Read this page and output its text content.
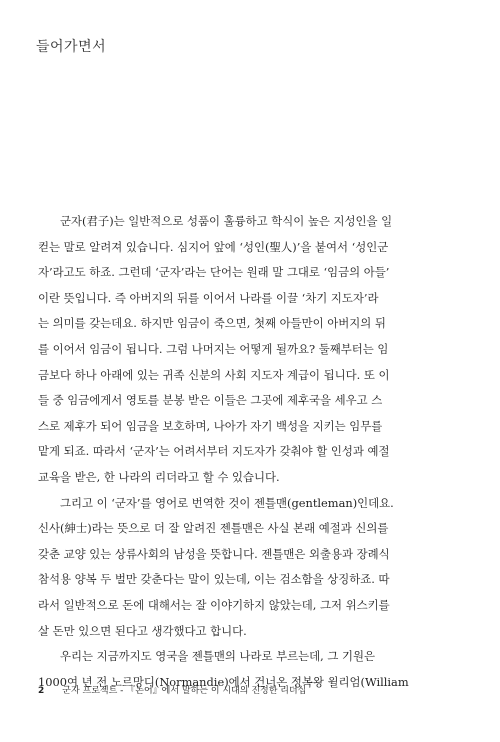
들어가면서

군자(君子)는 일반적으로 성품이 훌륭하고 학식이 높은 지성인을 일
컫는 말로 알려져 있습니다. 심지어 앞에 ‘성인(聖人)’을 붙여서 ‘성인군
자’라고도 하죠. 그런데 ‘군자’라는 단어는 원래 말 그대로 ‘임금의 아들’
이란 뜻입니다. 즉 아버지의 뒤를 이어서 나라를 이끌 ‘차기 지도자’라
는 의미를 갖는데요. 하지만 임금이 죽으면, 첫째 아들만이 아버지의 뒤
를 이어서 임금이 됩니다. 그럼 나머지는 어떻게 될까요? 둘째부터는 임
금보다 하나 아래에 있는 귀족 신분의 사회 지도자 계급이 됩니다. 또 이
들 중 임금에게서 영토를 분봉 받은 이들은 그곳에 제후국을 세우고 스
스로 제후가 되어 임금을 보호하며, 나아가 자기 백성을 지키는 임무를
맡게 되죠. 따라서 ‘군자’는 어려서부터 지도자가 갖춰야 할 인성과 예절
교육을 받은, 한 나라의 리더라고 할 수 있습니다.

그리고 이 ‘군자’를 영어로 번역한 것이 젠틀맨(gentleman)인데요.
신사(紳士)라는 뜻으로 더 잘 알려진 젠틀맨은 사실 본래 예절과 신의를
갖춘 교양 있는 상류사회의 남성을 뜻합니다. 젠틀맨은 외출용과 장례식
참석용 양복 두 벌만 갖춘다는 말이 있는데, 이는 검소함을 상징하죠. 따
라서 일반적으로 돈에 대해서는 잘 이야기하지 않았는데, 그저 위스키를
살 돈만 있으면 된다고 생각했다고 합니다.

우리는 지금까지도 영국을 젠틀맨의 나라로 부르는데, 그 기원은
1000여 년 전 노르망디(Normandie)에서 건너온 정복왕 윌리엄(William

2 군자 프로젝트 - 『논어』에서 말하는 이 시대의 진정한 리더십
